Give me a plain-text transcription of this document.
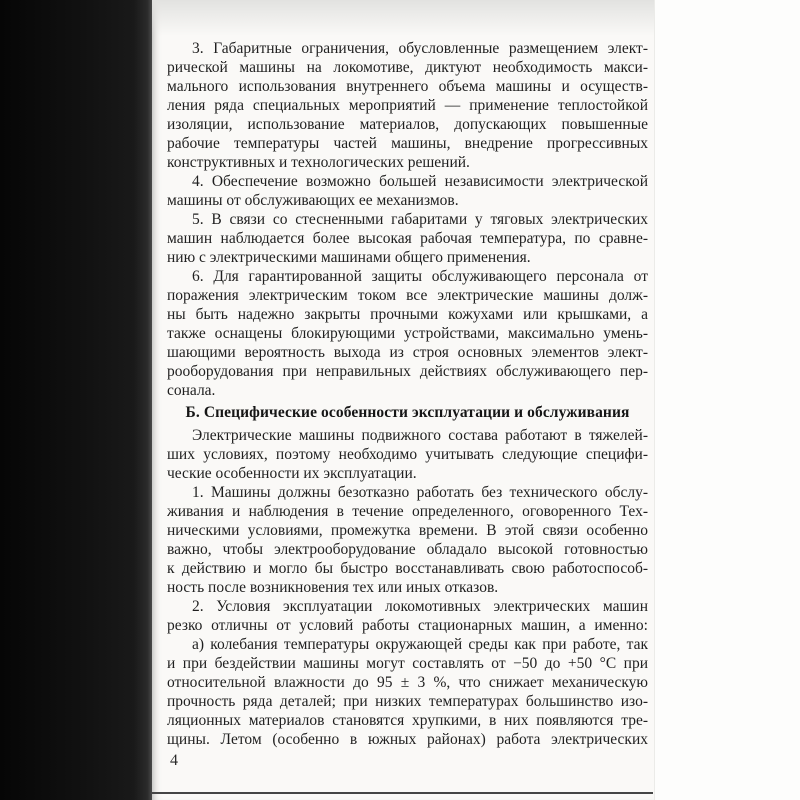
3. Габаритные ограничения, обусловленные размещением элект-
рической машины на локомотиве, диктуют необходимость макси-
мального использования внутреннего объема машины и осуществ-
ления ряда специальных мероприятий — применение теплостойкой
изоляции, использование материалов, допускающих повышенные
рабочие температуры частей машины, внедрение прогрессивных
конструктивных и технологических решений.
4. Обеспечение возможно большей независимости электрической
машины от обслуживающих ее механизмов.
5. В связи со стесненными габаритами у тяговых электрических
машин наблюдается более высокая рабочая температура, по сравне-
нию с электрическими машинами общего применения.
6. Для гарантированной защиты обслуживающего персонала от
поражения электрическим током все электрические машины долж-
ны быть надежно закрыты прочными кожухами или крышками, а
также оснащены блокирующими устройствами, максимально умень-
шающими вероятность выхода из строя основных элементов элект-
рооборудования при неправильных действиях обслуживающего пер-
сонала.
Б. Специфические особенности эксплуатации и обслуживания
Электрические машины подвижного состава работают в тяжелей-
ших условиях, поэтому необходимо учитывать следующие специфи-
ческие особенности их эксплуатации.
1. Машины должны безотказно работать без технического обслу-
живания и наблюдения в течение определенного, оговоренного Тех-
ническими условиями, промежутка времени. В этой связи особенно
важно, чтобы электрооборудование обладало высокой готовностью
к действию и могло бы быстро восстанавливать свою работоспособ-
ность после возникновения тех или иных отказов.
2. Условия эксплуатации локомотивных электрических машин
резко отличны от условий работы стационарных машин, а именно:
а) колебания температуры окружающей среды как при работе, так
и при бездействии машины могут составлять от −50 до +50 °С при
относительной влажности до 95 ± 3 %, что снижает механическую
прочность ряда деталей; при низких температурах большинство изо-
ляционных материалов становятся хрупкими, в них появляются тре-
щины. Летом (особенно в южных районах) работа электрических
4
